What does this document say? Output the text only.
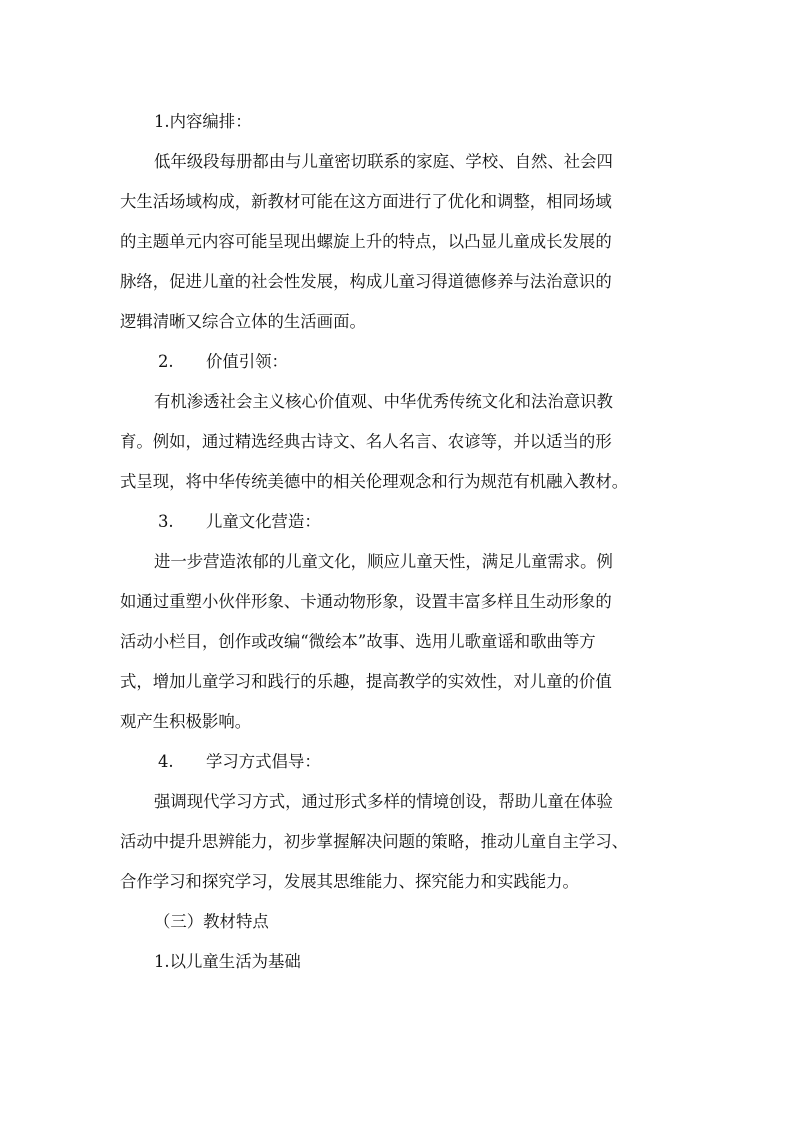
1.内容编排：
低年级段每册都由与儿童密切联系的家庭、学校、自然、社会四
大生活场域构成，新教材可能在这方面进行了优化和调整，相同场域
的主题单元内容可能呈现出螺旋上升的特点，以凸显儿童成长发展的
脉络，促进儿童的社会性发展，构成儿童习得道德修养与法治意识的
逻辑清晰又综合立体的生活画面。
2. 价值引领：
有机渗透社会主义核心价值观、中华优秀传统文化和法治意识教
育。例如，通过精选经典古诗文、名人名言、农谚等，并以适当的形
式呈现，将中华传统美德中的相关伦理观念和行为规范有机融入教材。
3. 儿童文化营造：
进一步营造浓郁的儿童文化，顺应儿童天性，满足儿童需求。例
如通过重塑小伙伴形象、卡通动物形象，设置丰富多样且生动形象的
活动小栏目，创作或改编“微绘本”故事、选用儿歌童谣和歌曲等方
式，增加儿童学习和践行的乐趣，提高教学的实效性，对儿童的价值
观产生积极影响。
4. 学习方式倡导：
强调现代学习方式，通过形式多样的情境创设，帮助儿童在体验
活动中提升思辨能力，初步掌握解决问题的策略，推动儿童自主学习、
合作学习和探究学习，发展其思维能力、探究能力和实践能力。
（三）教材特点
1.以儿童生活为基础
